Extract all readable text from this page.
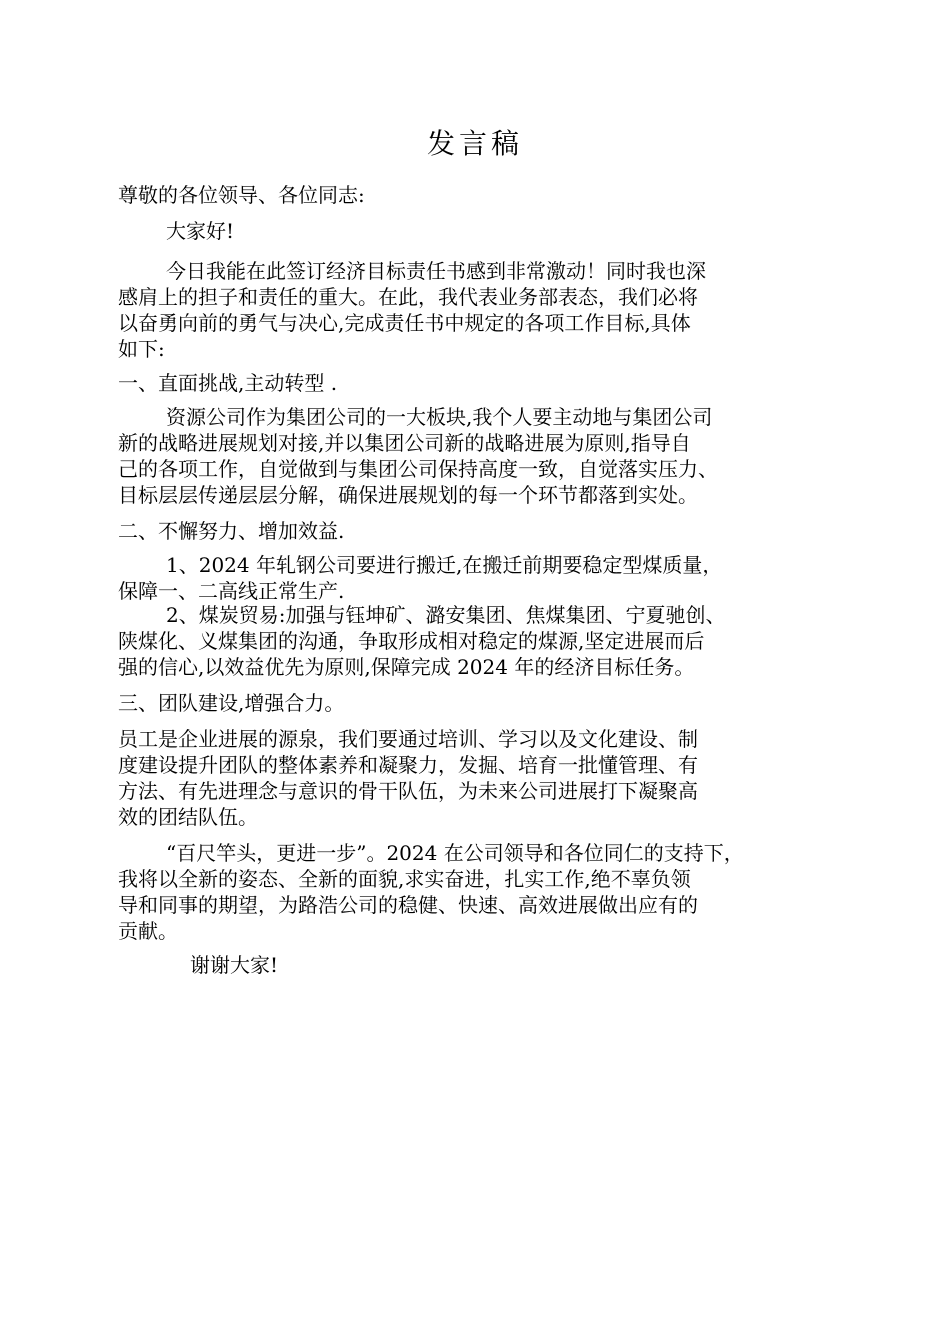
发言稿
尊敬的各位领导、各位同志:
大家好!
今日我能在此签订经济目标责任书感到非常激动！同时我也深
感肩上的担子和责任的重大。在此，我代表业务部表态，我们必将
以奋勇向前的勇气与决心,完成责任书中规定的各项工作目标,具体
如下:
一、直面挑战,主动转型 .
资源公司作为集团公司的一大板块,我个人要主动地与集团公司
新的战略进展规划对接,并以集团公司新的战略进展为原则,指导自
己的各项工作，自觉做到与集团公司保持高度一致，自觉落实压力、
目标层层传递层层分解，确保进展规划的每一个环节都落到实处。
二、不懈努力、增加效益.
1、2024 年轧钢公司要进行搬迁,在搬迁前期要稳定型煤质量，
保障一、二高线正常生产.
2、煤炭贸易:加强与钰坤矿、潞安集团、焦煤集团、宁夏驰创、
陕煤化、义煤集团的沟通，争取形成相对稳定的煤源,坚定进展而后
强的信心,以效益优先为原则,保障完成 2024 年的经济目标任务。
三、团队建设,增强合力。
员工是企业进展的源泉，我们要通过培训、学习以及文化建设、制
度建设提升团队的整体素养和凝聚力，发掘、培育一批懂管理、有
方法、有先进理念与意识的骨干队伍，为未来公司进展打下凝聚高
效的团结队伍。
“百尺竿头，更进一步”。2024 在公司领导和各位同仁的支持下，
我将以全新的姿态、全新的面貌,求实奋进，扎实工作,绝不辜负领
导和同事的期望，为路浩公司的稳健、快速、高效进展做出应有的
贡献。
谢谢大家!
